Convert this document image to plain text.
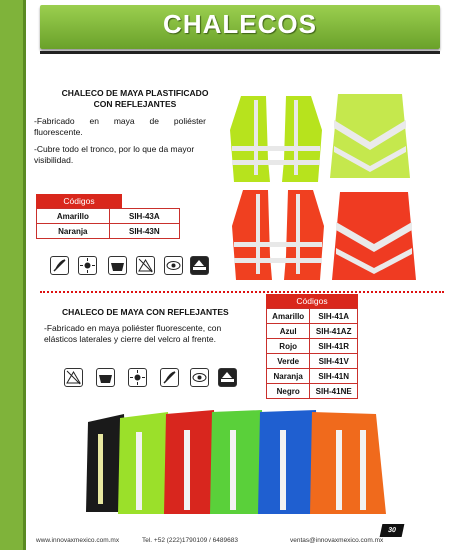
CHALECOS
CHALECO DE MAYA PLASTIFICADO
CON REFLEJANTES
-Fabricado en maya de poliéster fluorescente.
-Cubre todo el tronco, por lo que da mayor visibilidad.
Códigos
Amarillo	SIH-43A
Naranja	SIH-43N
CHALECO DE MAYA CON REFLEJANTES
-Fabricado en maya poliéster fluorescente, con elásticos laterales y cierre del velcro al frente.
Códigos
Amarillo	SIH-41A
Azul	SIH-41AZ
Rojo	SIH-41R
Verde	SIH-41V
Naranja	SIH-41N
Negro	SIH-41NE
30
www.innovaxmexico.com.mx	Tel. +52 (222)1790109 / 6489683	ventas@innovaxmexico.com.mx
